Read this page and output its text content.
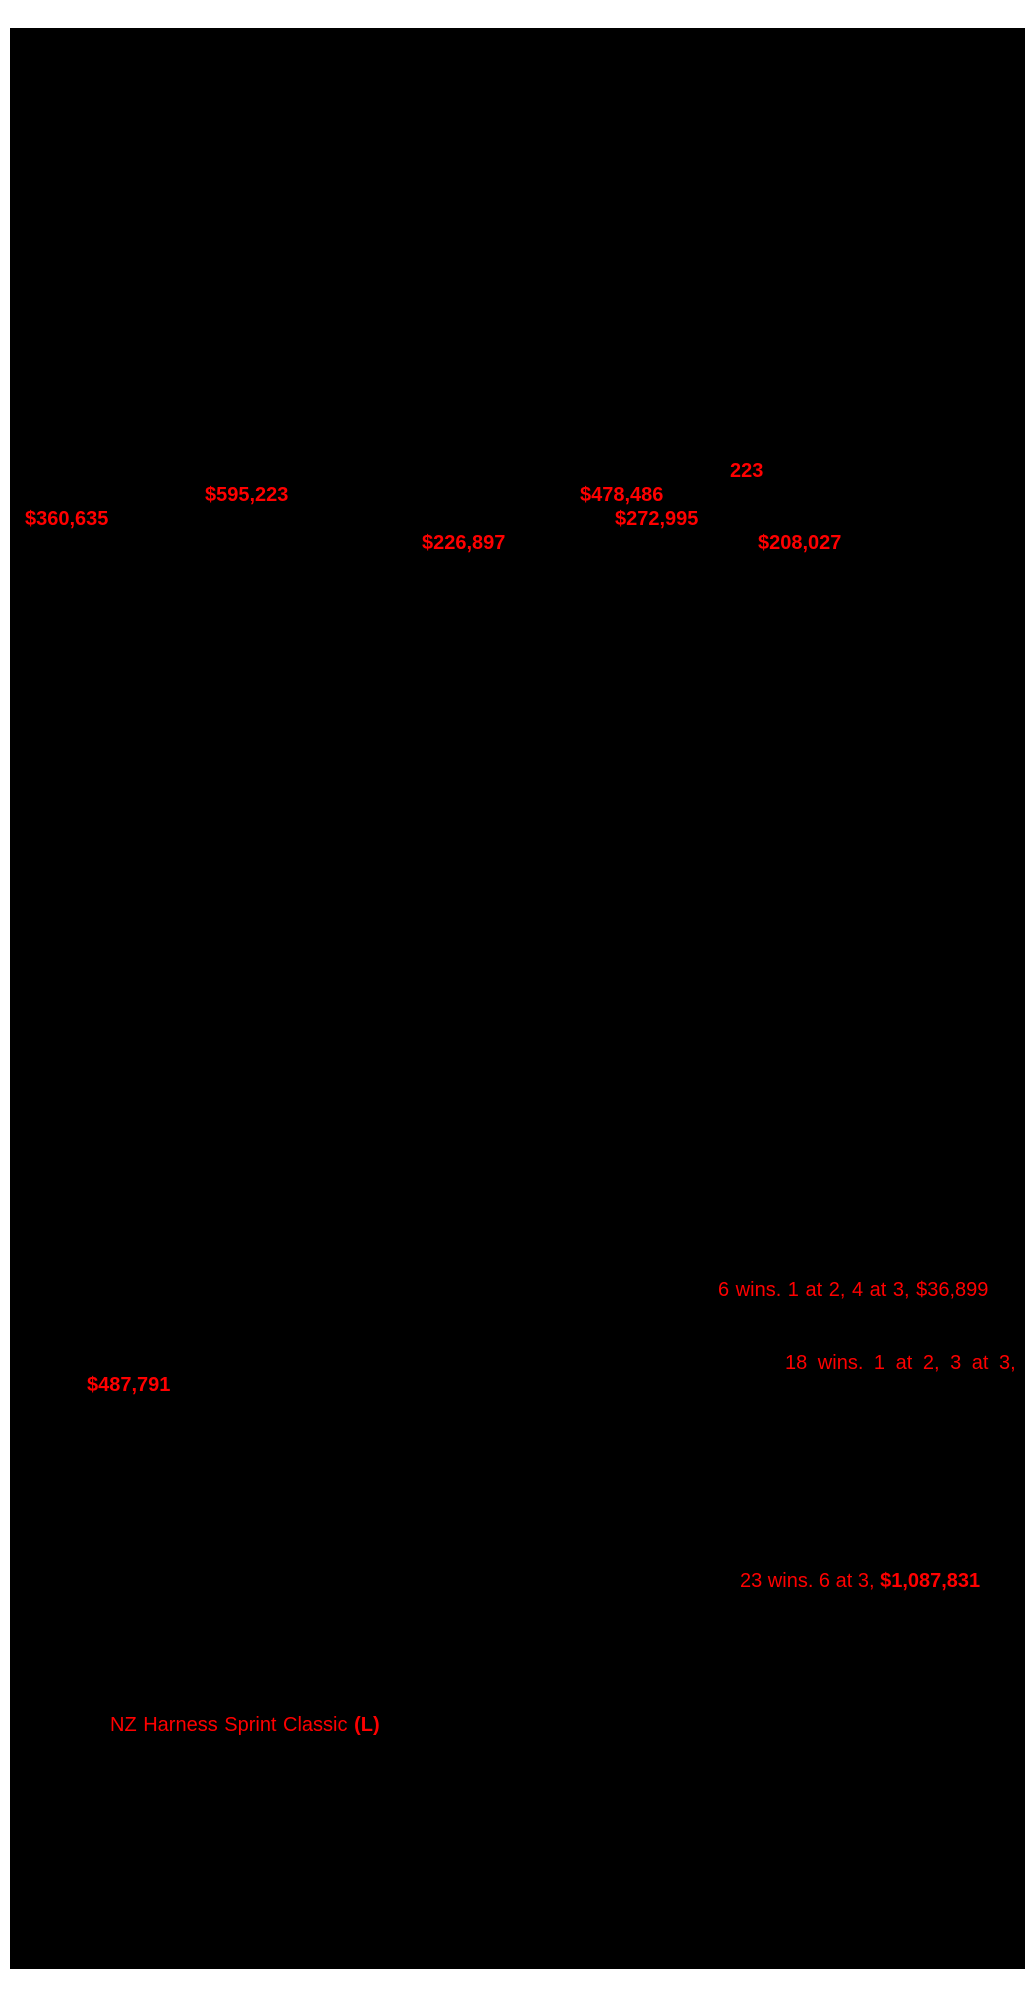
223
$595,223	$478,486
$360,635	$272,995
$226,897	$208,027
6 wins. 1 at 2, 4 at 3, $36,899
18 wins. 1 at 2, 3 at 3,
$487,791
23 wins. 6 at 3, $1,087,831
NZ Harness Sprint Classic (L)
